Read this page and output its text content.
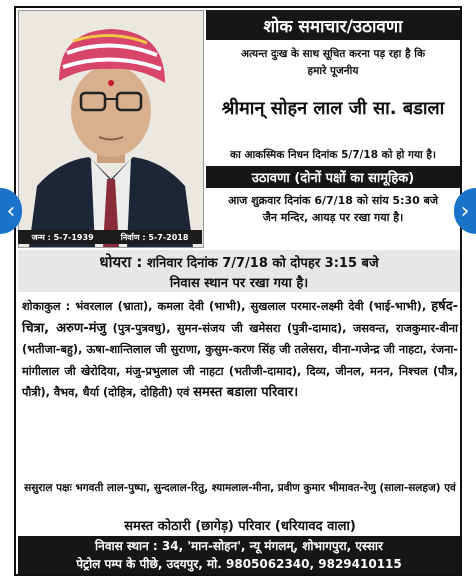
जन्म : 5-7-1939	निर्वाण : 5-7-2018
शोक समाचार/उठावणा
अत्यन्त दुःख के साथ सूचित करना पड़ रहा है कि
हमारे पूजनीय
श्रीमान् सोहन लाल जी सा. बडाला
का आकस्मिक निधन दिनांक 5/7/18 को हो गया है।
उठावणा (दोनों पक्षों का सामूहिक)
आज शुक्रवार दिनांक 6/7/18 को सांय 5:30 बजे
जैन मन्दिर, आयड़ पर रखा गया है।
धोयरा : शनिवार दिनांक 7/7/18 को दोपहर 3:15 बजे
निवास स्थान पर रखा गया है।
शोकाकुल : भंवरलाल (भ्राता), कमला देवी (भाभी), सुखलाल परमार-लक्ष्मी देवी (भाई-भाभी), हर्षद-चित्रा, अरुण-मंजु (पुत्र-पुत्रवधु), सुमन-संजय जी खमेसरा (पुत्री-दामाद), जसवन्त, राजकुमार-वीना (भतीजा-बहु), ऊषा-शान्तिलाल जी सुराणा, कुसुम-करण सिंह जी तलेसरा, वीना-गजेन्द्र जी नाहटा, रंजना-मांगीलाल जी खेरोदिया, मंजु-प्रभुलाल जी नाहटा (भतीजी-दामाद), दिव्य, जीनल, मनन, निश्चल (पौत्र, पौत्री), वैभव, धैर्या (दोहित्र, दोहिती) एवं समस्त बडाला परिवार।
ससुराल पक्षः भगवती लाल-पुष्पा, सुन्दलाल-रितु, श्यामलाल-मीना, प्रवीण कुमार भीमावत-रेणु (साला-सलहज) एवं
समस्त कोठारी (छागेड़) परिवार (धरियावद वाला)
निवास स्थान : 34, 'मान-सोहन', न्यू मंगलम्, शोभागपुरा, एस्सार
पेट्रोल पम्प के पीछे, उदयपुर, मो. 9805062340, 9829410115
‹	›
